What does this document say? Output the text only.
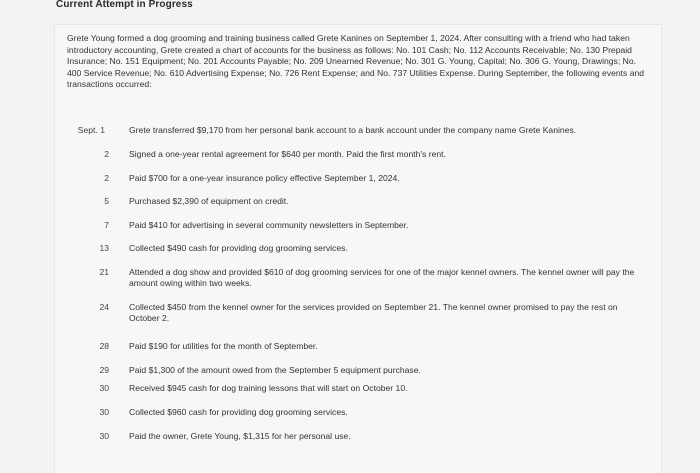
Current Attempt in Progress
Grete Young formed a dog grooming and training business called Grete Kanines on September 1, 2024. After consulting with a friend who had taken introductory accounting, Grete created a chart of accounts for the business as follows: No. 101 Cash; No. 112 Accounts Receivable; No. 130 Prepaid Insurance; No. 151 Equipment; No. 201 Accounts Payable; No. 209 Unearned Revenue; No. 301 G. Young, Capital; No. 306 G. Young, Drawings; No. 400 Service Revenue; No. 610 Advertising Expense; No. 726 Rent Expense; and No. 737 Utilities Expense. During September, the following events and transactions occurred:
Sept. 1	Grete transferred $9,170 from her personal bank account to a bank account under the company name Grete Kanines.
2 Signed a one-year rental agreement for $640 per month. Paid the first month's rent.
2 Paid $700 for a one-year insurance policy effective September 1, 2024.
5 Purchased $2,390 of equipment on credit.
7 Paid $410 for advertising in several community newsletters in September.
13 Collected $490 cash for providing dog grooming services.
21 Attended a dog show and provided $610 of dog grooming services for one of the major kennel owners. The kennel owner will pay the amount owing within two weeks.
24 Collected $450 from the kennel owner for the services provided on September 21. The kennel owner promised to pay the rest on October 2.
28 Paid $190 for utilities for the month of September.
29 Paid $1,300 of the amount owed from the September 5 equipment purchase.
30 Received $945 cash for dog training lessons that will start on October 10.
30 Collected $960 cash for providing dog grooming services.
30 Paid the owner, Grete Young, $1,315 for her personal use.
